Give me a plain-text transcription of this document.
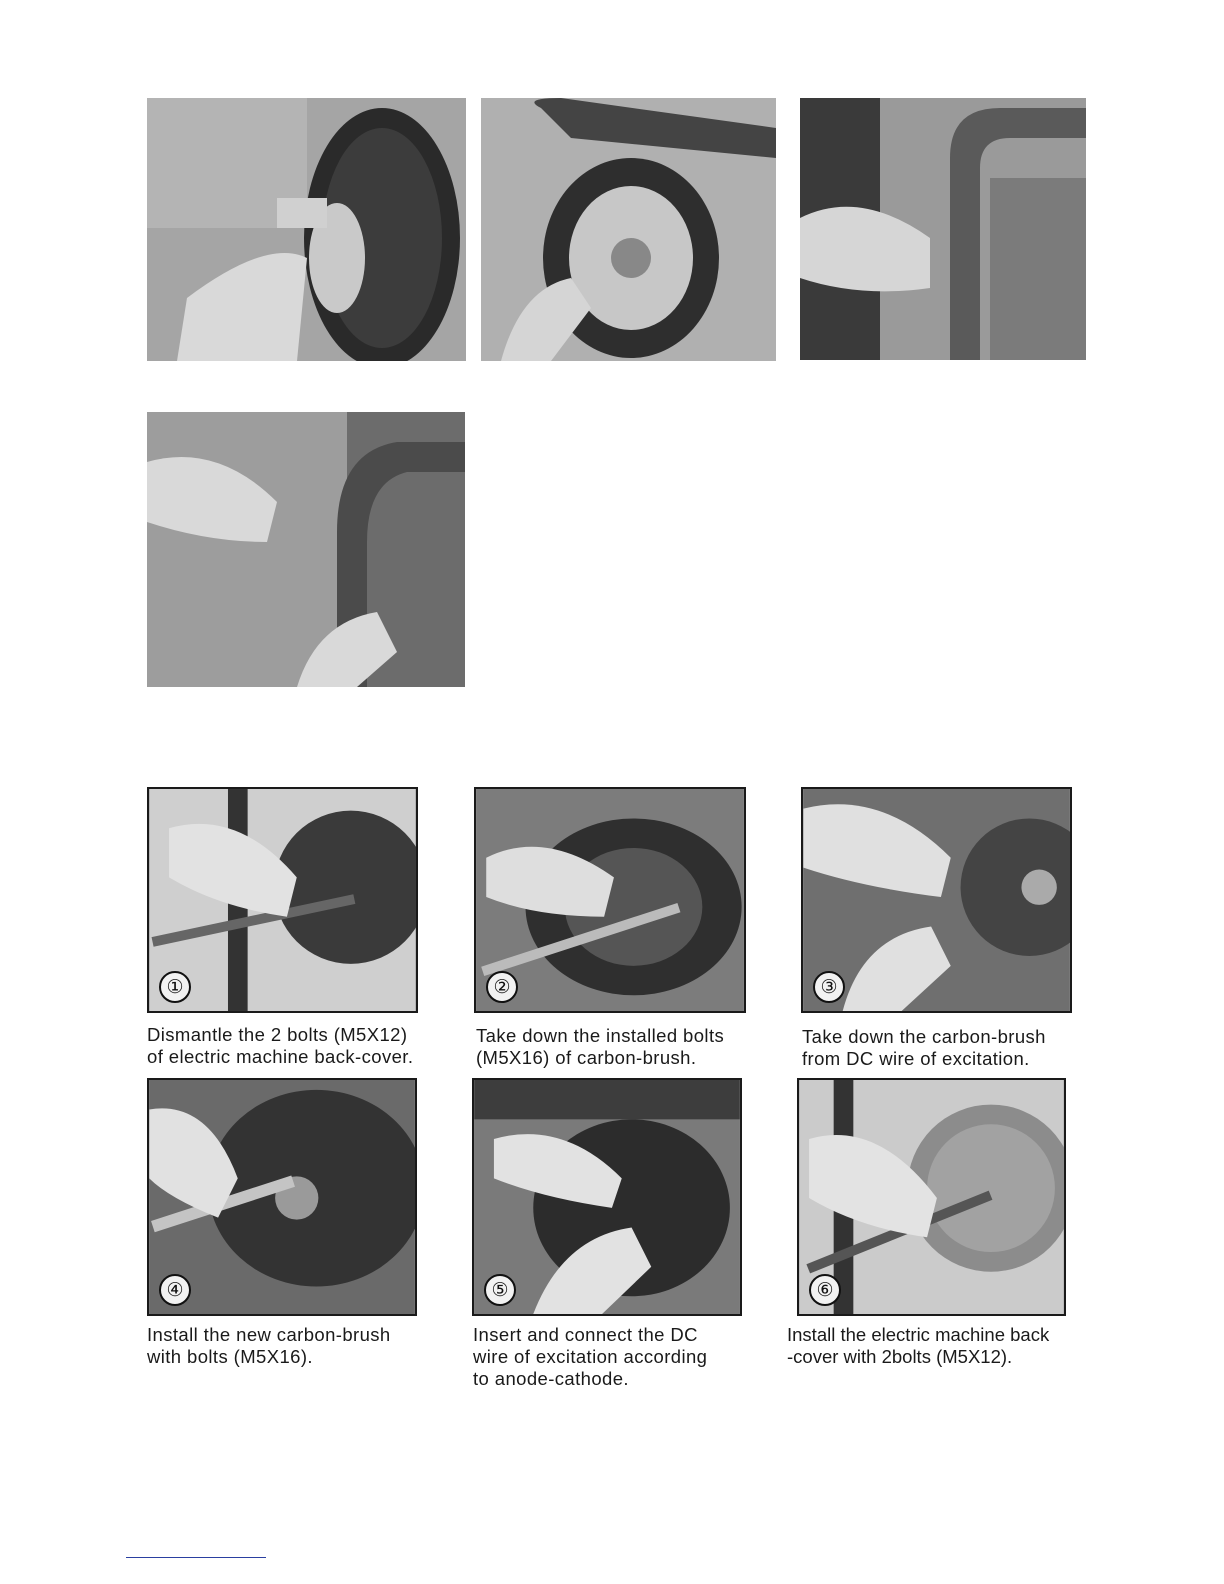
①	②	③
④	⑤	⑥
Dismantle the 2 bolts (M5X12)
of electric machine back-cover.
Take down the installed bolts
(M5X16) of carbon-brush.
Take down the carbon-brush
from DC wire of excitation.
Install the new carbon-brush
with bolts (M5X16).
Insert and connect the DC
wire of excitation according
to anode-cathode.
Install the electric machine back
-cover with 2bolts (M5X12).
